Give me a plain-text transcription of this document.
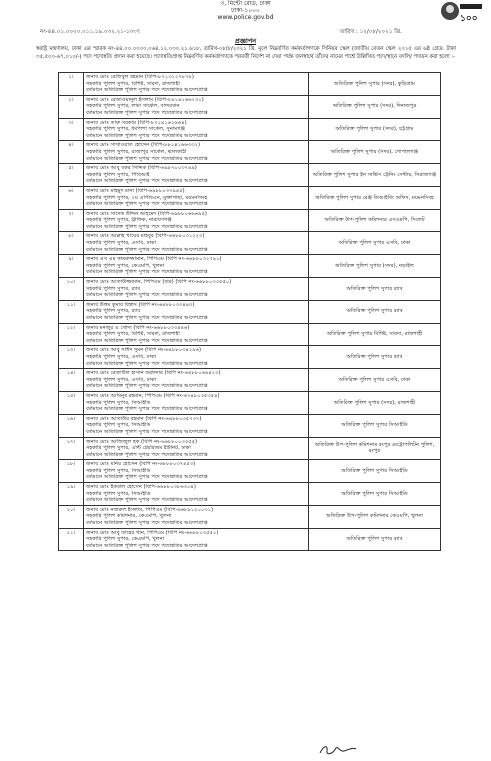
৩, মিন্টো রোড, ঢাকা
ঢাকা-১০০০
www.police.gov.bd	১০০
নং-৪৪.০১.০০০০.০১১.১৯.০৩২.২১-১৩৩৭	তারিখ : ১২/০৮/২০২১ খ্রি.
প্রজ্ঞাপন
স্বরাষ্ট্র মন্ত্রণালয়, ঢাকা এর স্মারক নং-৪৪.০০.০০০০.০৬৪.১২.০৩০.২১.৬১৮, তারিখ-০৮/৮/২০২১ খ্রি. মূলে নিম্নবর্ণিত কর্মকর্তাগণকে সিনিয়র স্কেল (জাতীয় বেতন স্কেল ২০১৫ এর ৬ষ্ঠ গ্রেড: টাকা ৩৫,৫০০-৬৭,০১০/-) পদে পদোন্নতি প্রদান করা হয়েছে। পদোন্নতিপ্রাপ্ত নিম্নবর্ণিত কর্মকর্তাগণকে পরবর্তী নির্দেশ না দেয়া পর্যন্ত জনস্বার্থে তাঁদের নামের পার্শ্বে উল্লিখিত পদে/স্থানে বদলি/ পদায়ন করা হলো :-
১।	জনাব মোঃ রেজিবুল রহমান (বিপি-৮৭১৩১২৭৮৭৮)
সহকারি পুলিশ সুপার, বিশিষ্ট, সারদা, রাজশাহী
বর্তমানে অতিরিক্ত পুলিশ সুপার পদে পদোন্নতির আদেশপ্রাপ্ত	অতিরিক্ত পুলিশ সুপার (সদর), কুড়িগ্রাম
২।	জনাব মোঃ রেজাওয়ানুল ইসলাম (বিপি-৮৮১৪১৬৬২৩০)
সহকারি পুলিশ সুপার, লামা সার্কেল, বান্দরবান
বর্তমানে অতিরিক্ত পুলিশ সুপার পদে পদোন্নতির আদেশপ্রাপ্ত	অতিরিক্ত পুলিশ সুপার (সদর), দিনাজপুর
৩।	জনাব মোঃ তারু সরকার (বিপি-৮৭১৪১৬২৬৬৪)
সহকারি পুলিশ সুপার, ধর্মপাশা সার্কেল, সুনামগঞ্জ
বর্তমানে অতিরিক্ত পুলিশ সুপার পদে পদোন্নতির আদেশপ্রাপ্ত	অতিরিক্ত পুলিশ সুপার (সদর), চট্টগ্রাম
৪।	জনাব মোঃ সাখাওয়াত হোসেন (বিপি-৮৮১৪১৬৬৩৩২)
সহকারি পুলিশ সুপার, রাজাপুর সার্কেল, ঝালকাঠী
বর্তমানে অতিরিক্ত পুলিশ সুপার পদে পদোন্নতির আদেশপ্রাপ্ত	অতিরিক্ত পুলিশ সুপার (সদর), গোপালগঞ্জ
৫।	জনাব মোঃ আবু বকর সিদ্দিক (বিপি-৬৯৮৭০০৩৭৪৯)
সহকারি পুলিশ সুপার, পিবিআই
বর্তমানে অতিরিক্ত পুলিশ সুপার পদে পদোন্নতির আদেশপ্রাপ্ত	অতিরিক্ত পুলিশ সুপার ইন সার্ভিস ট্রেনিং সেন্টার, সিরাজগঞ্জ
৬।	জনাব মোঃ মাহমুদ রানা (বিপি-৬৯৮৮০৩৭৯৪৫)
সহকারি পুলিশ সুপার, ২য় এপিবিএন, মুক্তাগাছা, ময়মনসিংহ
বর্তমানে অতিরিক্ত পুলিশ সুপার পদে পদোন্নতির আদেশপ্রাপ্ত	অতিরিক্ত পুলিশ সুপার রেঞ্জ ডিআইজি অফিস, ময়মনসিংহ
৭।	জনাব মোঃ সাদেক উদ্দিন আহমেদ (বিপি-৬৯৮৮০৬৬৬৯৫)
সহকারি পুলিশ সুপার, ট্রাফিক, নারায়ণগঞ্জ
বর্তমানে অতিরিক্ত পুলিশ সুপার পদে পদোন্নতির আদেশপ্রাপ্ত	অতিরিক্ত উপ-পুলিশ কমিশনার এসএমপি, সিলেট
৮।	জনাব মোঃ আল্লাহ খায়ের মাহবুব (বিপি-৬৬৮৮০৩১২২৩)
সহকারি পুলিশ সুপার, এসবি, ঢাকা
বর্তমানে অতিরিক্ত পুলিশ সুপার পদে পদোন্নতির আদেশপ্রাপ্ত	অতিরিক্ত পুলিশ সুপার এসবি, ঢাকা
৯।	জনাব এস এম কামরুজ্জামান, পিপিএম (বিপি নং-৬৬৮৮০৩২৭৯১)
সহকারি পুলিশ সুপার, কেএমপি, খুলনা
বর্তমানে অতিরিক্ত পুলিশ সুপার পদে পদোন্নতির আদেশপ্রাপ্ত	অতিরিক্ত পুলিশ সুপার (সদর), নড়াইল
১০।	জনাব মোঃ আতাউজ্জামান, পিপিএম (বার) (বিপি নং-৬৬৮৮০৩৩৫৫০)
সহকারি পুলিশ সুপার, র‌্যাব
বর্তমানে অতিরিক্ত পুলিশ সুপার পদে পদোন্নতির আদেশপ্রাপ্ত	অতিরিক্ত পুলিশ সুপার র‌্যাব
১১।	জনাব উত্তম কুমার বিশ্বাস (বিপি নং-৬৪৮৮০৩৩৪৪৩)
সহকারি পুলিশ সুপার, র‌্যাব
বর্তমানে অতিরিক্ত পুলিশ সুপার পদে পদোন্নতির আদেশপ্রাপ্ত	অতিরিক্ত পুলিশ সুপার র‌্যাব
১২।	জনাব মনজুর এ খোদা (বিপি নং-৬৬৮৮০৩৩৪৪৬)
সহকারি পুলিশ সুপার, বিশিষ্ট, সারদা, রাজশাহী
বর্তমানে অতিরিক্ত পুলিশ সুপার পদে পদোন্নতির আদেশপ্রাপ্ত	অতিরিক্ত পুলিশ সুপার বিশিষ্ট, সারদা, রাজশাহী
১৩।	জনাব মোঃ আবু সাঈদ সুমন (বিপি নং-৬৪৮৮০৩৪২৯৬)
সহকারি পুলিশ সুপার, এসবি, ঢাকা
বর্তমানে অতিরিক্ত পুলিশ সুপার পদে পদোন্নতির আদেশপ্রাপ্ত	অতিরিক্ত পুলিশ সুপার র‌্যাব
১৪।	জনাব মোঃ রেজাউল হাসান তরফদার (বিপি নং-৬৪৮৮০৬৪৪২৩)
সহকারি পুলিশ সুপার, এসবি, ঢাকা
বর্তমানে অতিরিক্ত পুলিশ সুপার পদে পদোন্নতির আদেশপ্রাপ্ত	অতিরিক্ত পুলিশ সুপার এসবি, ঢাকা
১৫।	জনাব মোঃ আমিনুর রহমান, পিপিএম (বিপি নং-৬৭৪৮০৩৫৩৫৪)
সহকারি পুলিশ সুপার, সিআইডি
বর্তমানে অতিরিক্ত পুলিশ সুপার পদে পদোন্নতির আদেশপ্রাপ্ত	অতিরিক্ত পুলিশ সুপার (সদর), রাজশাহী
১৬।	জনাব মোঃ আতাউর রহমান (বিপি নং-৬৪৮৮০৩৫৭৩৭)
সহকারি পুলিশ সুপার, সিআইডি
বর্তমানে অতিরিক্ত পুলিশ সুপার পদে পদোন্নতির আদেশপ্রাপ্ত	অতিরিক্ত পুলিশ সুপার সিআইডি
১৭।	জনাব মোঃ আজিজুল হক (বিপি নং-৬৬৮৮০০৩৩৫৫)
সহকারি পুলিশ সুপার, এন্টি টেররিজম ইউনিট, ঢাকা
বর্তমানে অতিরিক্ত পুলিশ সুপার পদে পদোন্নতির আদেশপ্রাপ্ত	অতিরিক্ত উপ-পুলিশ কমিশনার রংপুর মেট্রোপলিটন পুলিশ, রংপুর
১৮।	জনাব মোঃ মনির হোসেন (বিপি নং-৬৮৮৮০৩৭৪৫৩)
সহকারি পুলিশ সুপার, সিআইডি
বর্তমানে অতিরিক্ত পুলিশ সুপার পদে পদোন্নতির আদেশপ্রাপ্ত	অতিরিক্ত পুলিশ সুপার সিআইডি
১৯।	জনাব মোঃ ইকবাল হোসেন (বিপি-৬৬৮৮০৩৮৬৩০৪)
সহকারি পুলিশ সুপার, সিআইডি
বর্তমানে অতিরিক্ত পুলিশ সুপার পদে পদোন্নতির আদেশপ্রাপ্ত	অতিরিক্ত পুলিশ সুপার সিআইডি
২০।	জনাব মোঃ নজরুল ইসলাম, পিপিএম (বিপি-৬৬৮৮১২০০৩১)
সহকারি পুলিশ কমিশনার, কেএমপি, খুলনা
বর্তমানে অতিরিক্ত পুলিশ সুপার পদে পদোন্নতির আদেশপ্রাপ্ত	অতিরিক্ত উপ-পুলিশ কমিশনার কেএমপি, খুলনা
২১।	জনাব মোঃ আবু তাহের খান, পিপিএম (বিপি নং-৬৬৮৮০৩৫৫০)
সহকারি পুলিশ সুপার, কেএমপি, খুলনা
বর্তমানে অতিরিক্ত পুলিশ সুপার পদে পদোন্নতির আদেশপ্রাপ্ত	অতিরিক্ত পুলিশ সুপার র‌্যাব
